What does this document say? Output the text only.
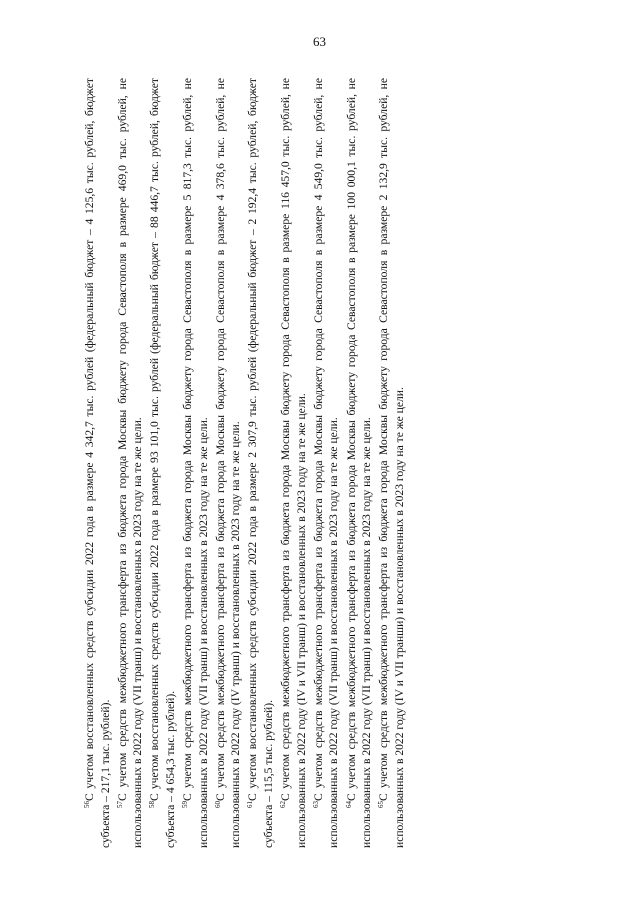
63

$^{56}$С учетом восстановленных средств субсидии 2022 года в размере 4 342,7 тыс. рублей (федеральный бюджет – 4 125,6 тыс. рублей, бюджет субъекта – 217,1 тыс. рублей). $^{57}$С учетом средств межбюджетного трансферта из бюджета города Москвы бюджету города Севастополя в размере 469,0 тыс. рублей, не использованных в 2022 году (VII транш) и восстановленных в 2023 году на те же цели. $^{58}$С учетом восстановленных средств субсидии 2022 года в размере 93 101,0 тыс. рублей (федеральный бюджет – 88 446,7 тыс. рублей, бюджет субъекта – 4 654,3 тыс. рублей). $^{59}$С учетом средств межбюджетного трансферта из бюджета города Москвы бюджету города Севастополя в размере 5 817,3 тыс. рублей, не использованных в 2022 году (VII транш) и восстановленных в 2023 году на те же цели. $^{60}$С учетом средств межбюджетного трансферта из бюджета города Москвы бюджету города Севастополя в размере 4 378,6 тыс. рублей, не использованных в 2022 году (IV транш) и восстановленных в 2023 году на те же цели. $^{61}$С учетом восстановленных средств субсидии 2022 года в размере 2 307,9 тыс. рублей (федеральный бюджет – 2 192,4 тыс. рублей, бюджет субъекта – 115,5 тыс. рублей). $^{62}$С учетом средств межбюджетного трансферта из бюджета города Москвы бюджету города Севастополя в размере 116 457,0 тыс. рублей, не использованных в 2022 году (IV и VII транш) и восстановленных в 2023 году на те же цели. $^{63}$С учетом средств межбюджетного трансферта из бюджета города Москвы бюджету города Севастополя в размере 4 549,0 тыс. рублей, не использованных в 2022 году (VII транш) и восстановленных в 2023 году на те же цели. $^{64}$С учетом средств межбюджетного трансферта из бюджета города Москвы бюджету города Севастополя в размере 100 000,1 тыс. рублей, не использованных в 2022 году (VII транш) и восстановленных в 2023 году на те же цели. $^{65}$С учетом средств межбюджетного трансферта из бюджета города Москвы бюджету города Севастополя в размере 2 132,9 тыс. рублей, не использованных в 2022 году (IV и VII транши) и восстановленных в 2023 году на те же цели.
